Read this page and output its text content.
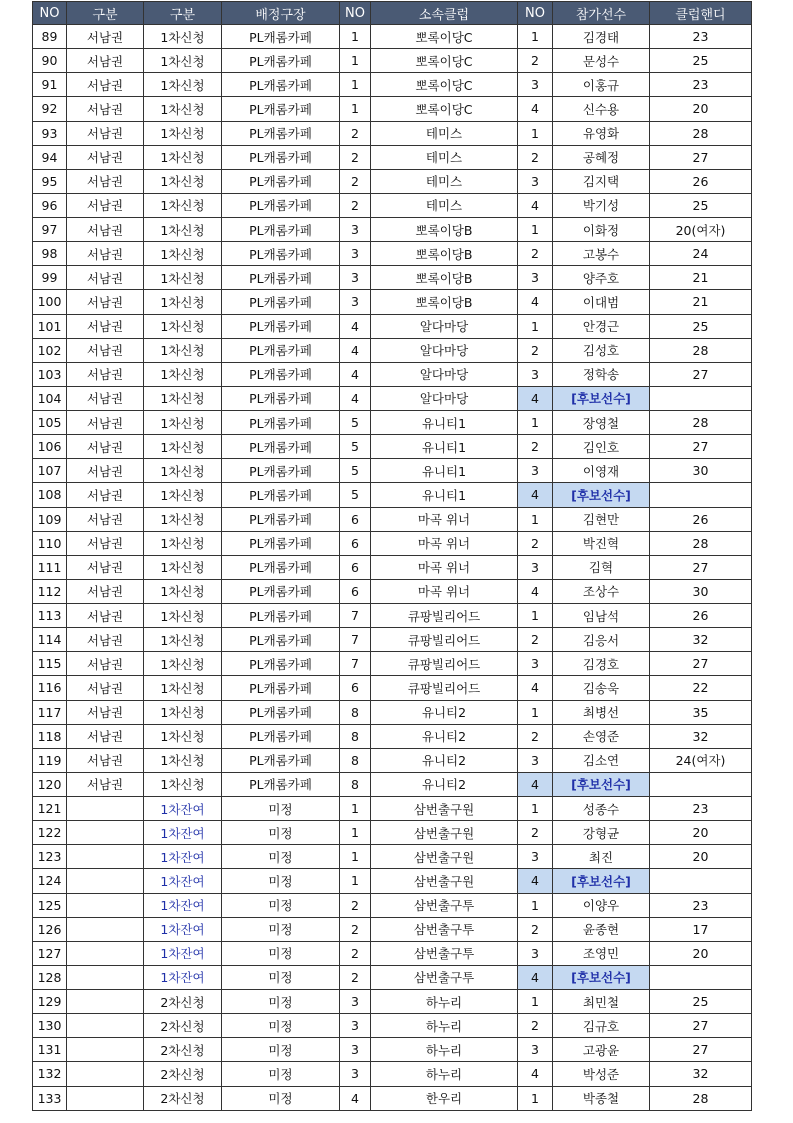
NO	구분	구분	배정구장	NO	소속클럽	NO	참가선수	클럽핸디
89	서남권	1차신청	PL캐롬카페	1	뽀록이당C	1	김경태	23
90	서남권	1차신청	PL캐롬카페	1	뽀록이당C	2	문성수	25
91	서남권	1차신청	PL캐롬카페	1	뽀록이당C	3	이홍규	23
92	서남권	1차신청	PL캐롬카페	1	뽀록이당C	4	신수용	20
93	서남권	1차신청	PL캐롬카페	2	테미스	1	유영화	28
94	서남권	1차신청	PL캐롬카페	2	테미스	2	공혜정	27
95	서남권	1차신청	PL캐롬카페	2	테미스	3	김지택	26
96	서남권	1차신청	PL캐롬카페	2	테미스	4	박기성	25
97	서남권	1차신청	PL캐롬카페	3	뽀록이당B	1	이화정	20(여자)
98	서남권	1차신청	PL캐롬카페	3	뽀록이당B	2	고봉수	24
99	서남권	1차신청	PL캐롬카페	3	뽀록이당B	3	양주호	21
100	서남권	1차신청	PL캐롬카페	3	뽀록이당B	4	이대범	21
101	서남권	1차신청	PL캐롬카페	4	알다마당	1	안경근	25
102	서남권	1차신청	PL캐롬카페	4	알다마당	2	김성호	28
103	서남권	1차신청	PL캐롬카페	4	알다마당	3	정학송	27
104	서남권	1차신청	PL캐롬카페	4	알다마당	4	[후보선수]	
105	서남권	1차신청	PL캐롬카페	5	유니티1	1	장영철	28
106	서남권	1차신청	PL캐롬카페	5	유니티1	2	김인호	27
107	서남권	1차신청	PL캐롬카페	5	유니티1	3	이영재	30
108	서남권	1차신청	PL캐롬카페	5	유니티1	4	[후보선수]	
109	서남권	1차신청	PL캐롬카페	6	마곡 위너	1	김현만	26
110	서남권	1차신청	PL캐롬카페	6	마곡 위너	2	박진혁	28
111	서남권	1차신청	PL캐롬카페	6	마곡 위너	3	김혁	27
112	서남권	1차신청	PL캐롬카페	6	마곡 위너	4	조상수	30
113	서남권	1차신청	PL캐롬카페	7	큐팡빌리어드	1	임남석	26
114	서남권	1차신청	PL캐롬카페	7	큐팡빌리어드	2	김응서	32
115	서남권	1차신청	PL캐롬카페	7	큐팡빌리어드	3	김경호	27
116	서남권	1차신청	PL캐롬카페	6	큐팡빌리어드	4	김송욱	22
117	서남권	1차신청	PL캐롬카페	8	유니티2	1	최병선	35
118	서남권	1차신청	PL캐롬카페	8	유니티2	2	손영준	32
119	서남권	1차신청	PL캐롬카페	8	유니티2	3	김소연	24(여자)
120	서남권	1차신청	PL캐롬카페	8	유니티2	4	[후보선수]	
121		1차잔여	미정	1	삼번출구원	1	성종수	23
122		1차잔여	미정	1	삼번출구원	2	강형균	20
123		1차잔여	미정	1	삼번출구원	3	최진	20
124		1차잔여	미정	1	삼번출구원	4	[후보선수]	
125		1차잔여	미정	2	삼번출구투	1	이양우	23
126		1차잔여	미정	2	삼번출구투	2	윤종현	17
127		1차잔여	미정	2	삼번출구투	3	조영민	20
128		1차잔여	미정	2	삼번출구투	4	[후보선수]	
129		2차신청	미정	3	하누리	1	최민철	25
130		2차신청	미정	3	하누리	2	김규호	27
131		2차신청	미정	3	하누리	3	고광윤	27
132		2차신청	미정	3	하누리	4	박성준	32
133		2차신청	미정	4	한우리	1	박종철	28
